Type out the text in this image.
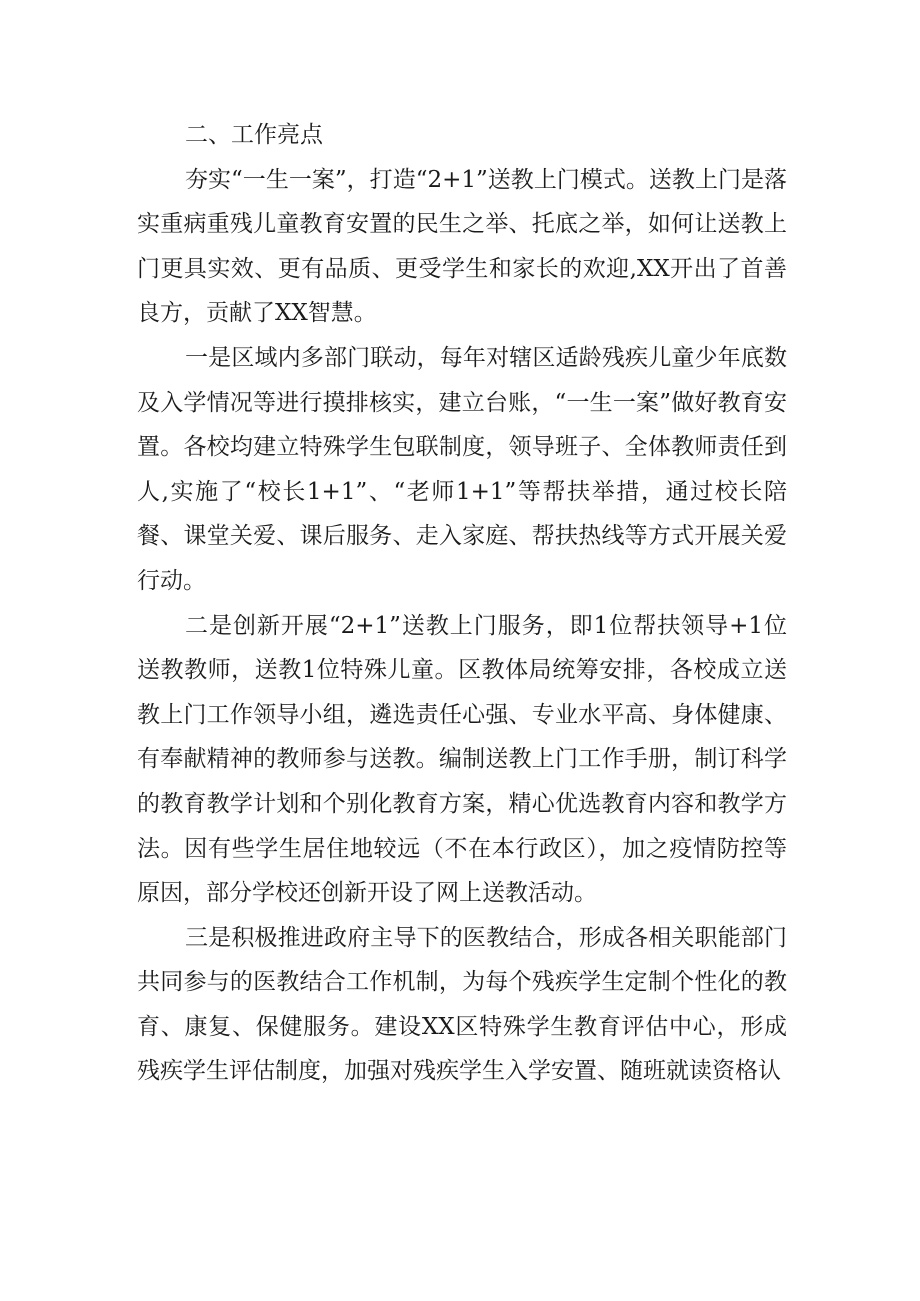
二、工作亮点

夯实“一生一案”，打造“2+1”送教上门模式。送教上门是落实重病重残儿童教育安置的民生之举、托底之举，如何让送教上门更具实效、更有品质、更受学生和家长的欢迎,XX开出了首善良方，贡献了XX智慧。

一是区域内多部门联动，每年对辖区适龄残疾儿童少年底数及入学情况等进行摸排核实，建立台账，“一生一案”做好教育安置。各校均建立特殊学生包联制度，领导班子、全体教师责任到人,实施了“校长1+1”、“老师1+1”等帮扶举措，通过校长陪餐、课堂关爱、课后服务、走入家庭、帮扶热线等方式开展关爱行动。

二是创新开展“2+1”送教上门服务，即1位帮扶领导+1位送教教师，送教1位特殊儿童。区教体局统筹安排，各校成立送教上门工作领导小组，遴选责任心强、专业水平高、身体健康、有奉献精神的教师参与送教。编制送教上门工作手册，制订科学的教育教学计划和个别化教育方案，精心优选教育内容和教学方法。因有些学生居住地较远（不在本行政区），加之疫情防控等原因，部分学校还创新开设了网上送教活动。

三是积极推进政府主导下的医教结合，形成各相关职能部门共同参与的医教结合工作机制，为每个残疾学生定制个性化的教育、康复、保健服务。建设XX区特殊学生教育评估中心，形成残疾学生评估制度，加强对残疾学生入学安置、随班就读资格认
